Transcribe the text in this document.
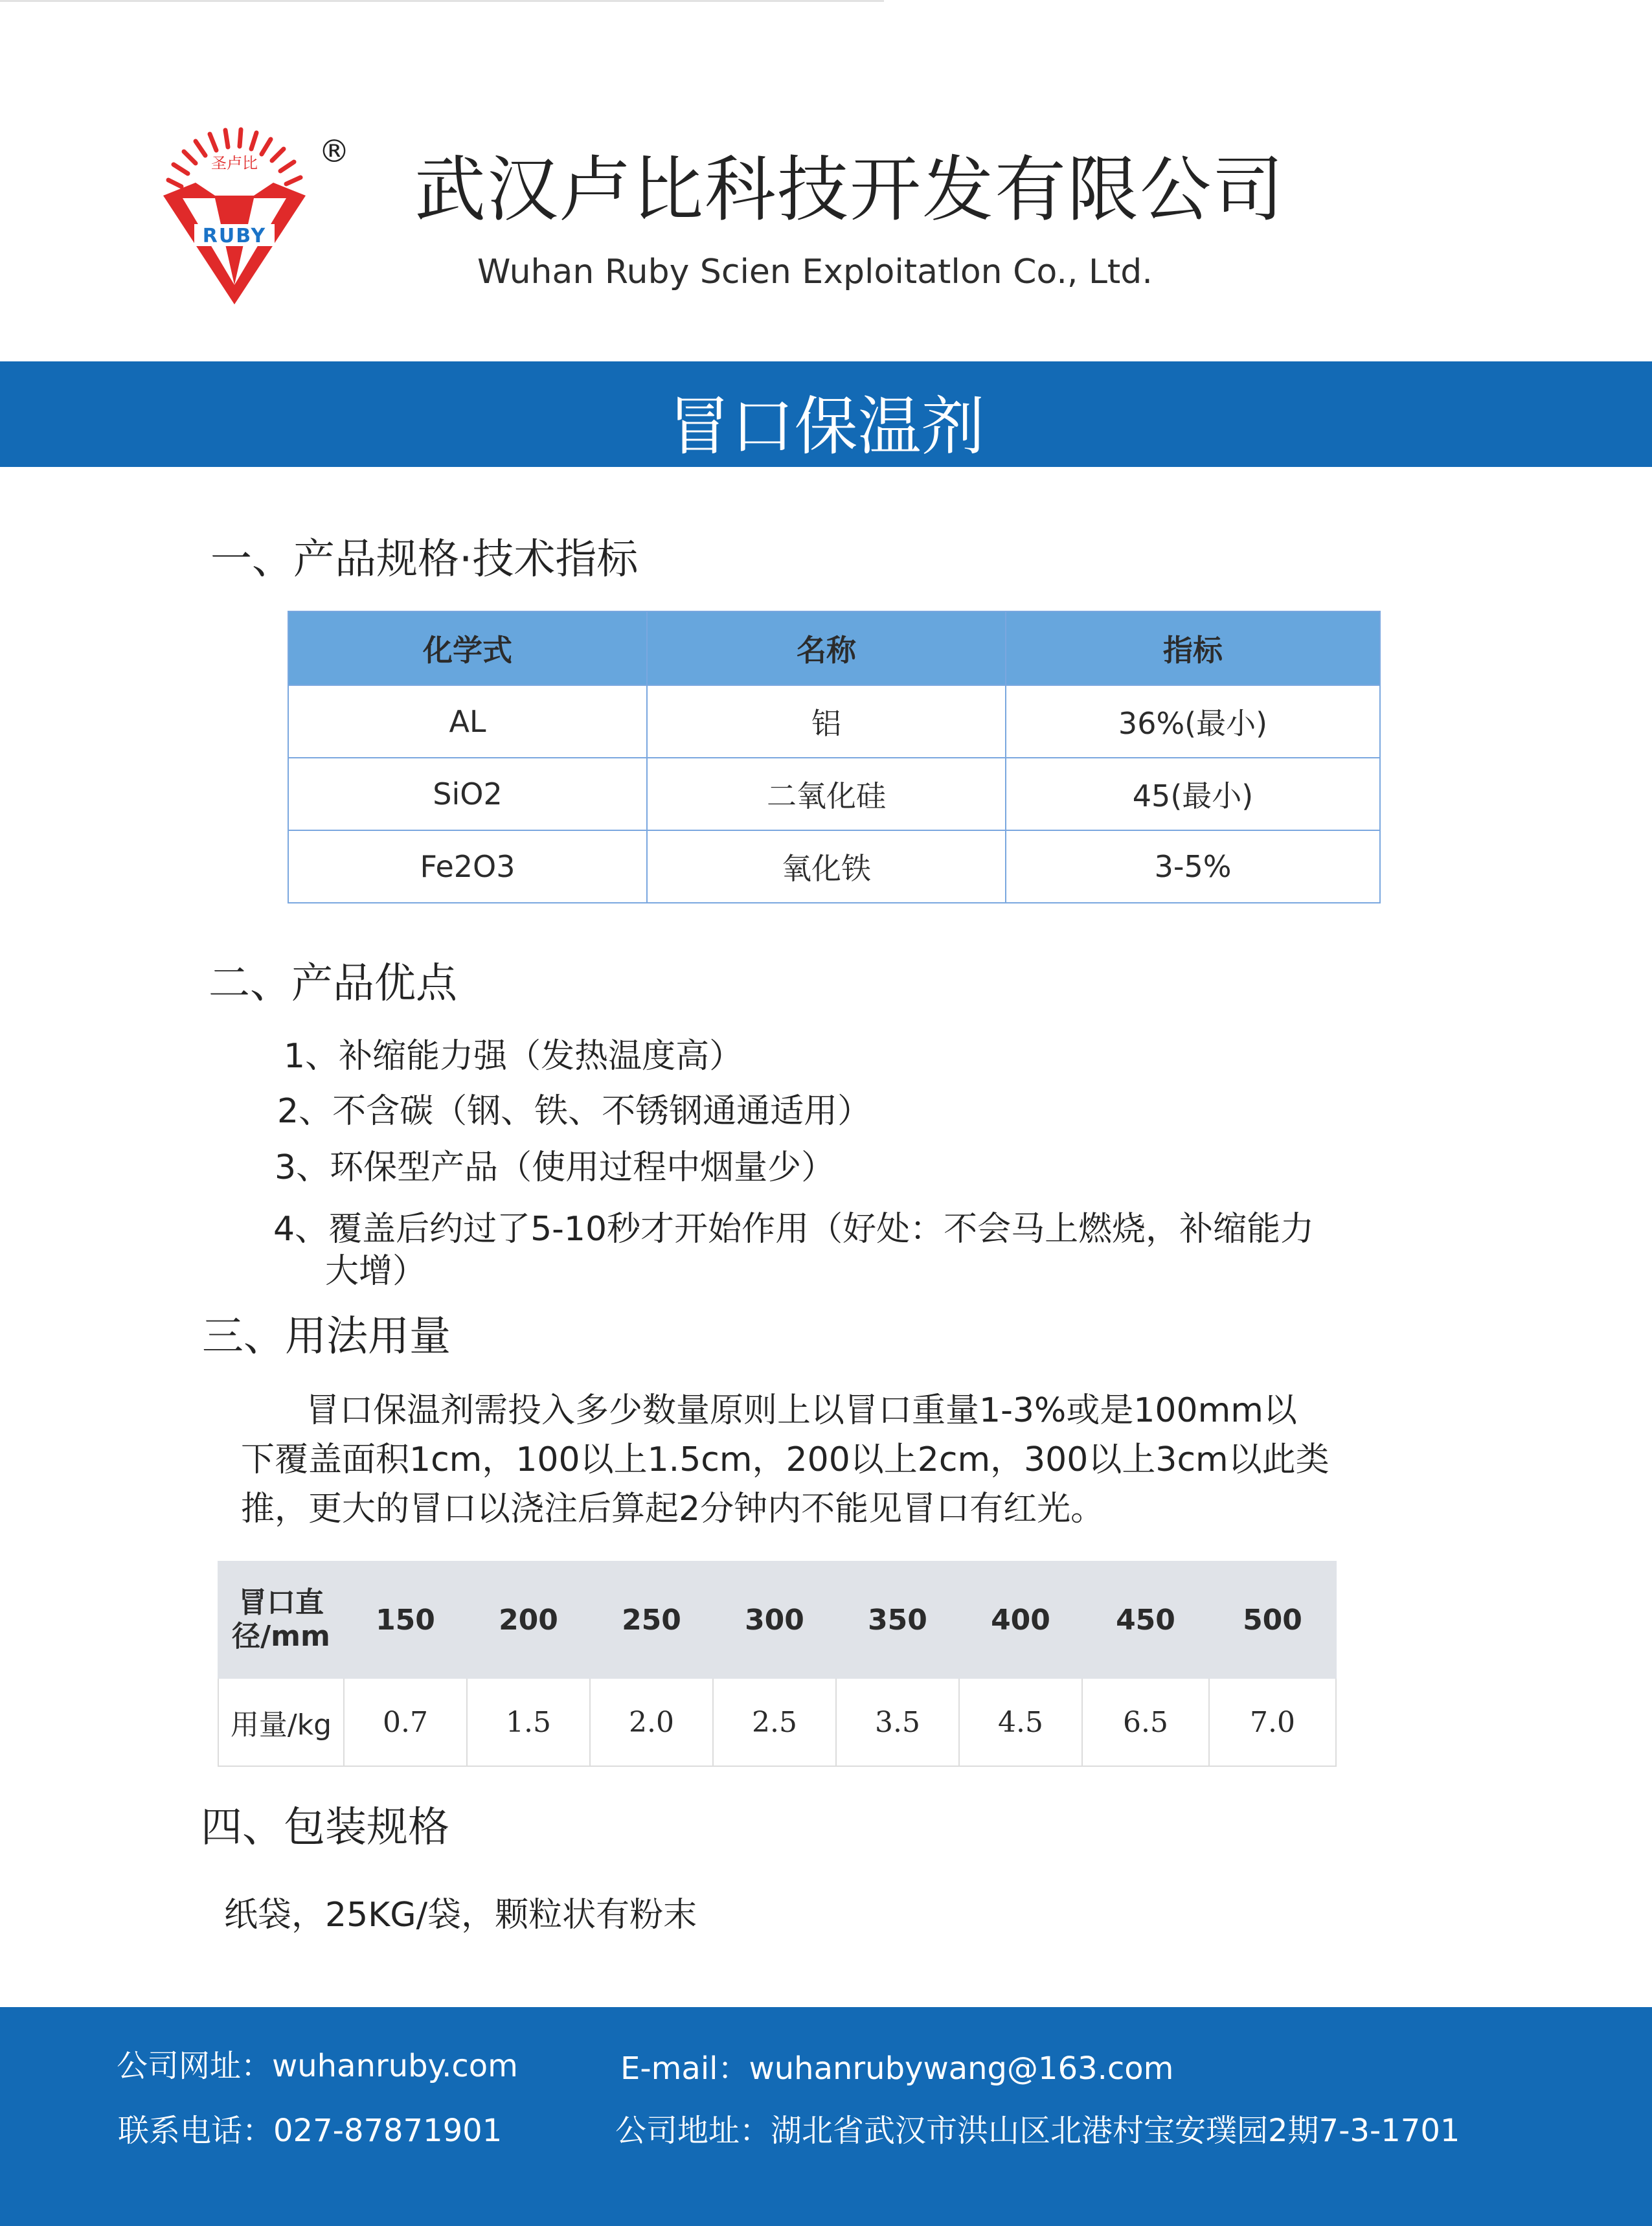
圣卢比
RUBY
® 武汉卢比科技开发有限公司
Wuhan Ruby Scien Exploitatlon Co., Ltd.
冒口保温剂
一、产品规格·技术指标
化学式	名称	指标
AL	铝	36%(最小)
SiO2	二氧化硅	45(最小)
Fe2O3	氧化铁	3-5%
二、产品优点
1、补缩能力强（发热温度高）
2、不含碳（钢、铁、不锈钢通通适用）
3、环保型产品（使用过程中烟量少）
4、覆盖后约过了5-10秒才开始作用（好处：不会马上燃烧，补缩能力
大增）
三、用法用量
冒口保温剂需投入多少数量原则上以冒口重量1-3%或是100mm以
下覆盖面积1cm，100以上1.5cm，200以上2cm，300以上3cm以此类
推，更大的冒口以浇注后算起2分钟内不能见冒口有红光。
冒口直
径/mm	150	200	250	300	350	400	450	500
用量/kg	0.7	1.5	2.0	2.5	3.5	4.5	6.5	7.0
四、包装规格
纸袋，25KG/袋，颗粒状有粉末
公司网址：wuhanruby.com	E-mail：wuhanrubywang@163.com
联系电话：027-87871901	公司地址：湖北省武汉市洪山区北港村宝安璞园2期7-3-1701
